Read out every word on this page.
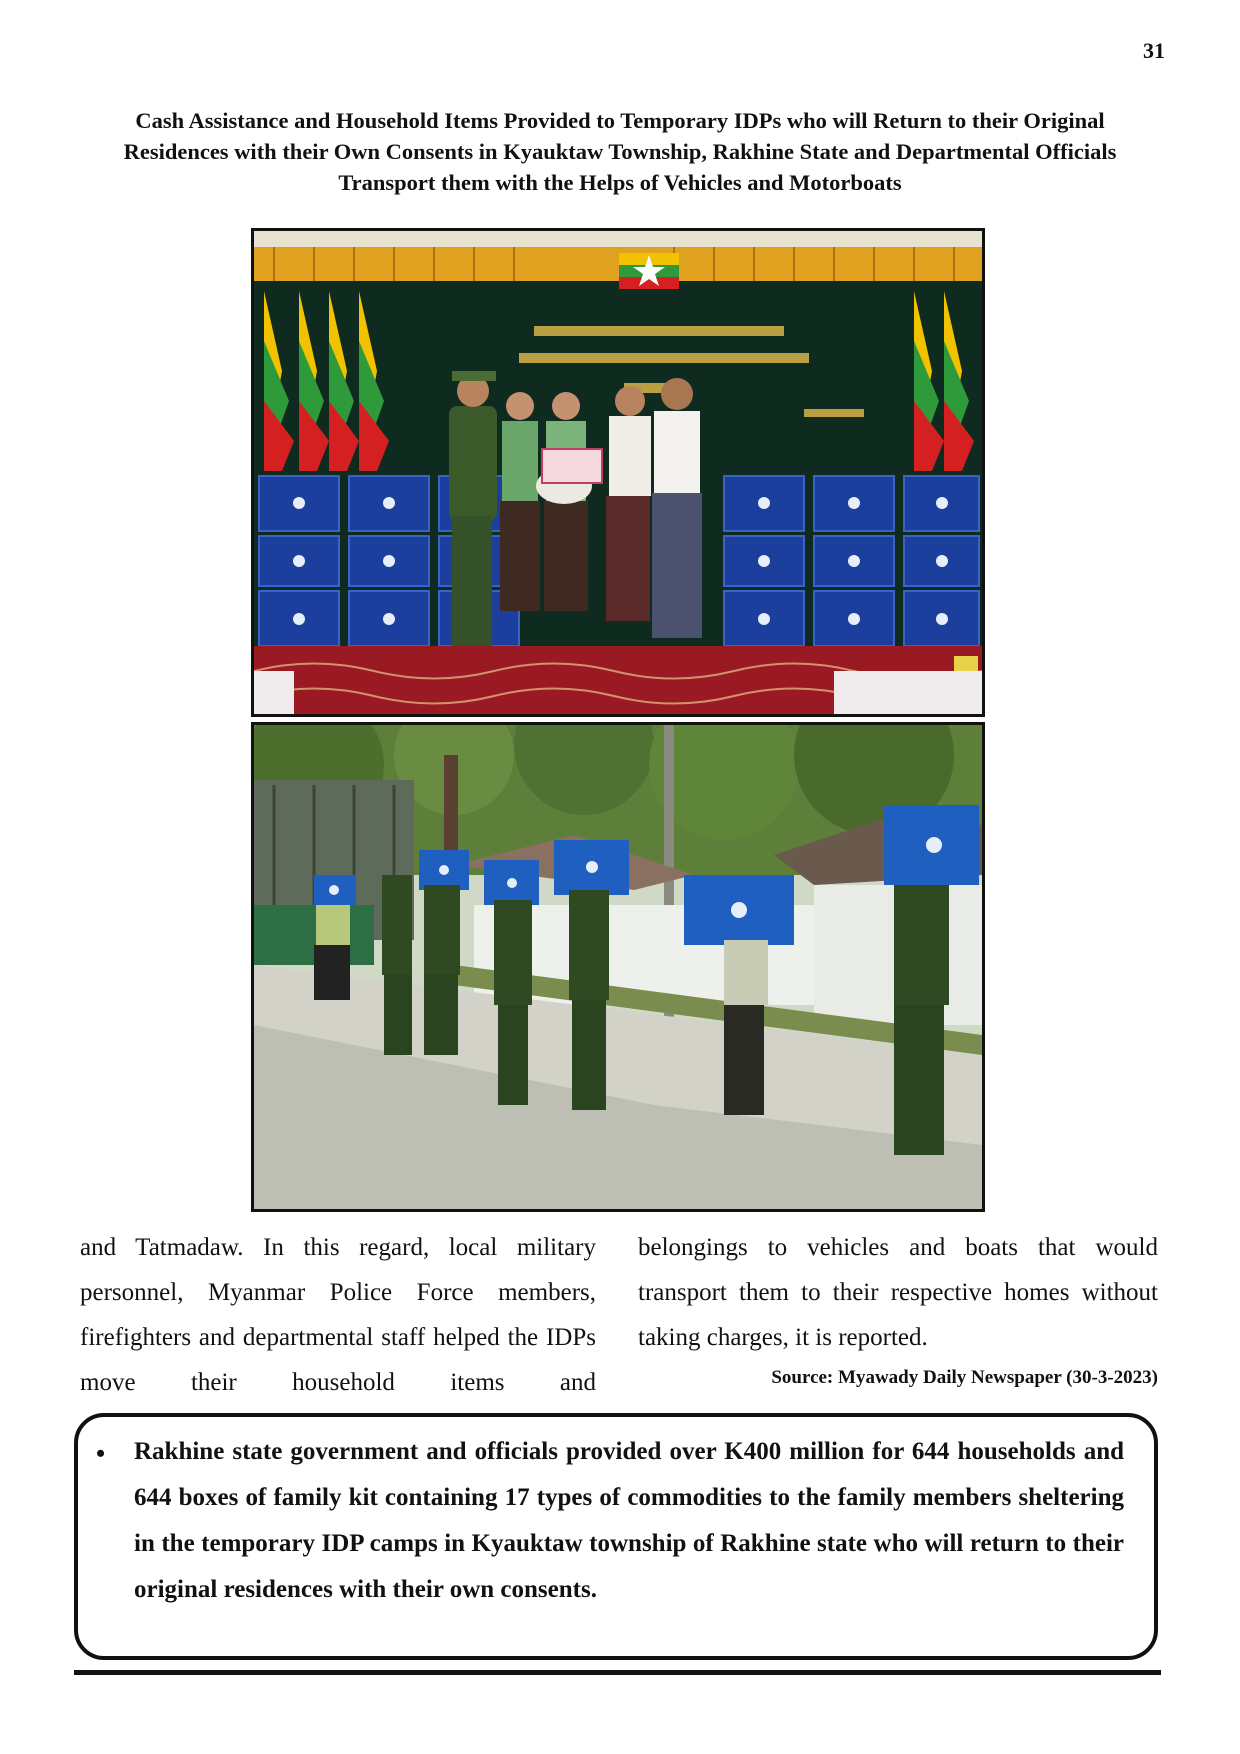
31
Cash Assistance and Household Items Provided to Temporary IDPs who will Return to their Original Residences with their Own Consents in Kyauktaw Township, Rakhine State and Departmental Officials Transport them with the Helps of Vehicles and Motorboats

and Tatmadaw. In this regard, local military personnel, Myanmar Police Force members, firefighters and departmental staff helped the IDPs move their household items and

belongings to vehicles and boats that would transport them to their respective homes without taking charges, it is reported.

Source: Myawady Daily Newspaper (30-3-2023)
• Rakhine state government and officials provided over K400 million for 644 households and 644 boxes of family kit containing 17 types of commodities to the family members sheltering in the temporary IDP camps in Kyauktaw township of Rakhine state who will return to their original residences with their own consents.
